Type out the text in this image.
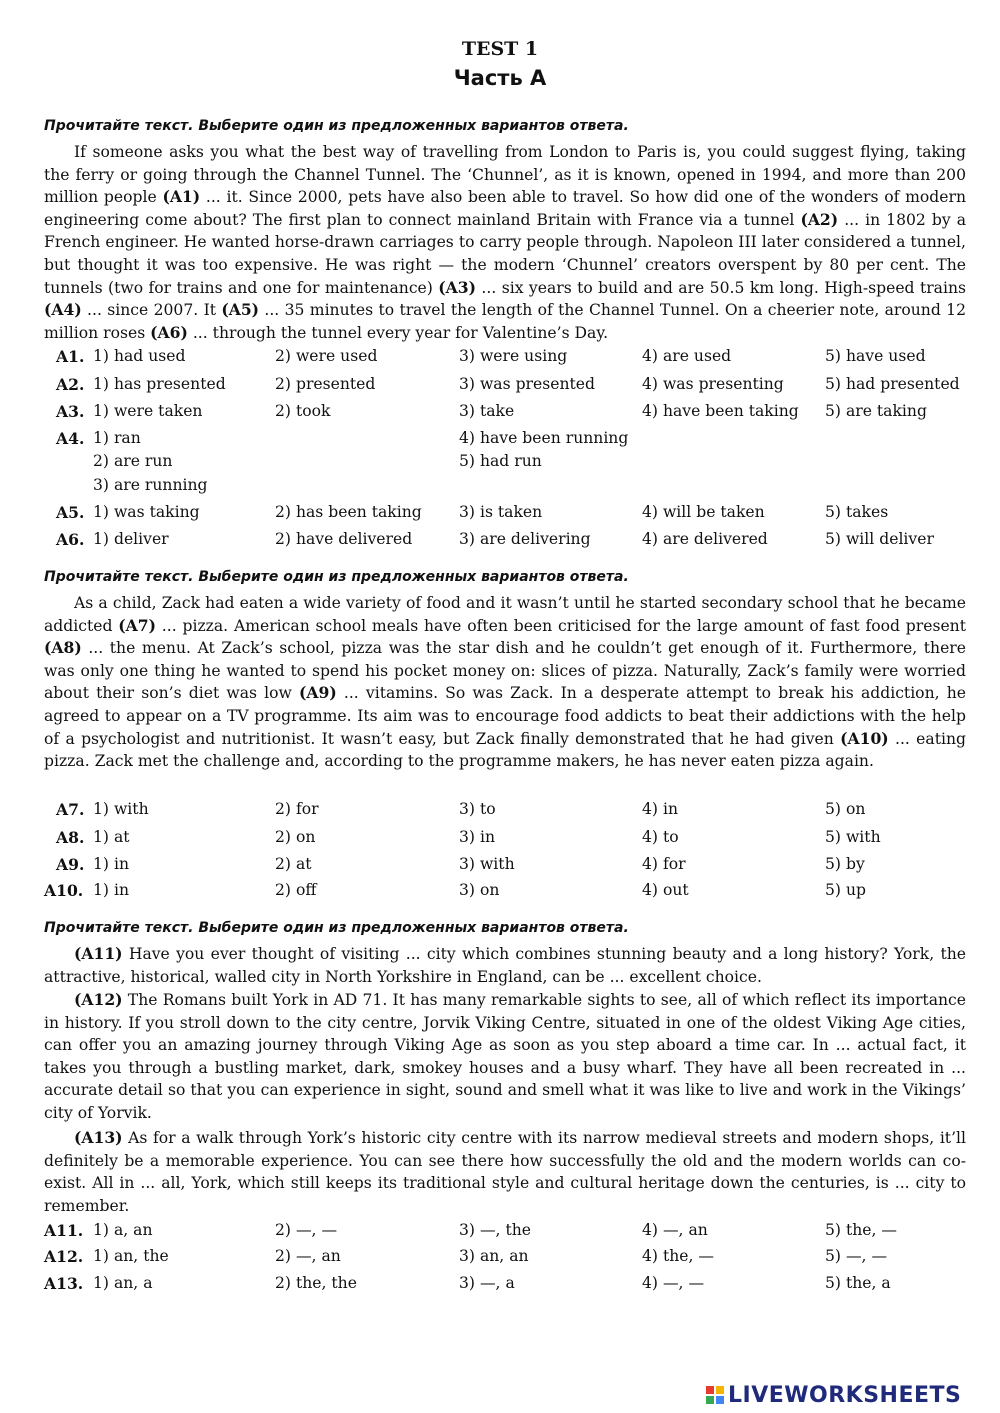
TEST 1
Часть A
Прочитайте текст. Выберите один из предложенных вариантов ответа.

If someone asks you what the best way of travelling from London to Paris is, you could suggest flying, taking the ferry or going through the Channel Tunnel. The ‘Chunnel’, as it is known, opened in 1994, and more than 200 million people (A1) ... it. Since 2000, pets have also been able to travel. So how did one of the wonders of modern engineering come about? The first plan to connect mainland Britain with France via a tunnel (A2) ... in 1802 by a French engineer. He wanted horse-drawn carriages to carry people through. Napoleon III later considered a tunnel, but thought it was too expensive. He was right — the modern ‘Chunnel’ creators overspent by 80 per cent. The tunnels (two for trains and one for maintenance) (A3) ... six years to build and are 50.5 km long. High-speed trains (A4) ... since 2007. It (A5) ... 35 minutes to travel the length of the Channel Tunnel. On a cheerier note, around 12 million roses (A6) ... through the tunnel every year for Valentine’s Day.

A1. 1) had used	2) were used	3) were using	4) are used	5) have used
A2. 1) has presented	2) presented	3) was presented	4) was presenting	5) had presented
A3. 1) were taken	2) took	3) take	4) have been taking 5) are taking
A4. 1) ran	4) have been running
2) are run	5) had run
3) are running
A5. 1) was taking	2) has been taking 3) is taken	4) will be taken	5) takes
A6. 1) deliver	2) have delivered	3) are delivering	4) are delivered	5) will deliver
Прочитайте текст. Выберите один из предложенных вариантов ответа.

As a child, Zack had eaten a wide variety of food and it wasn’t until he started secondary school that he became addicted (A7) ... pizza. American school meals have often been criticised for the large amount of fast food present (A8) ... the menu. At Zack’s school, pizza was the star dish and he couldn’t get enough of it. Furthermore, there was only one thing he wanted to spend his pocket money on: slices of pizza. Naturally, Zack’s family were worried about their son’s diet was low (A9) ... vitamins. So was Zack. In a desperate attempt to break his addiction, he agreed to appear on a TV programme. Its aim was to encourage food addicts to beat their addictions with the help of a psychologist and nutritionist. It wasn’t easy, but Zack finally demonstrated that he had given (A10) ... eating pizza. Zack met the challenge and, according to the programme makers, he has never eaten pizza again.

A7. 1) with	2) for	3) to	4) in	5) on
A8. 1) at	2) on	3) in	4) to	5) with
A9. 1) in	2) at	3) with	4) for	5) by
A10. 1) in	2) off	3) on	4) out	5) up
Прочитайте текст. Выберите один из предложенных вариантов ответа.

(A11) Have you ever thought of visiting ... city which combines stunning beauty and a long history? York, the attractive, historical, walled city in North Yorkshire in England, can be ... excellent choice.

(A12) The Romans built York in AD 71. It has many remarkable sights to see, all of which reflect its importance in history. If you stroll down to the city centre, Jorvik Viking Centre, situated in one of the oldest Viking Age cities, can offer you an amazing journey through Viking Age as soon as you step aboard a time car. In ... actual fact, it takes you through a bustling market, dark, smokey houses and a busy wharf. They have all been recreated in ... accurate detail so that you can experience in sight, sound and smell what it was like to live and work in the Vikings’ city of Yorvik.

(A13) As for a walk through York’s historic city centre with its narrow medieval streets and modern shops, it’ll definitely be a memorable experience. You can see there how successfully the old and the modern worlds can co-exist. All in ... all, York, which still keeps its traditional style and cultural heritage down the centuries, is ... city to remember.

A11. 1) a, an	2) —, —	3) —, the	4) —, an	5) the, —
A12. 1) an, the	2) —, an	3) an, an	4) the, —	5) —, —
A13. 1) an, a	2) the, the	3) —, a	4) —, —	5) the, a
LIVEWORKSHEETS
